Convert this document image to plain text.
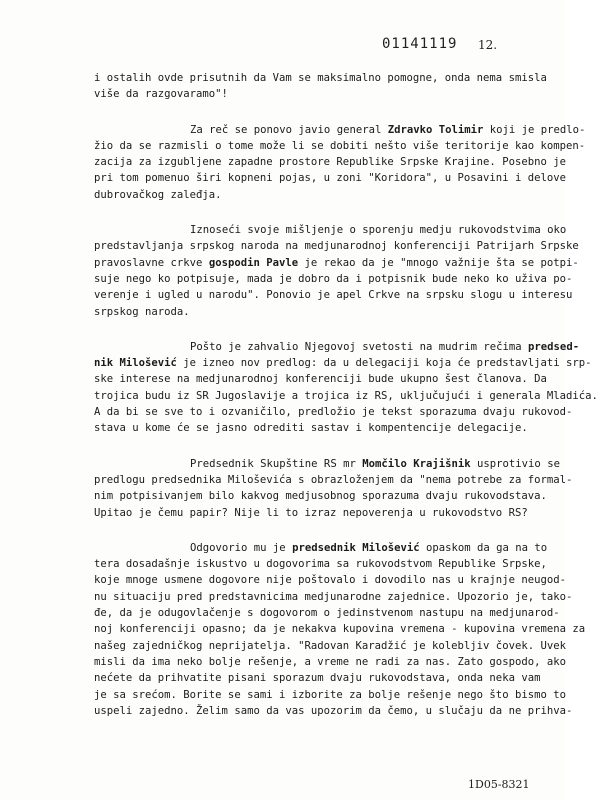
01141119 12.
i ostalih ovde prisutnih da Vam se maksimalno pomogne, onda nema smisla
više da razgovaramo"!
Za reč se ponovo javio general Zdravko Tolimir koji je predlo-
žio da se razmisli o tome može li se dobiti nešto više teritorije kao kompen-
zacija za izgubljene zapadne prostore Republike Srpske Krajine. Posebno je
pri tom pomenuo širi kopneni pojas, u zoni "Koridora", u Posavini i delove
dubrovačkog zaleđja.
Iznoseći svoje mišljenje o sporenju medju rukovodstvima oko
predstavljanja srpskog naroda na medjunarodnoj konferenciji Patrijarh Srpske
pravoslavne crkve gospodin Pavle je rekao da je "mnogo važnije šta se potpi-
suje nego ko potpisuje, mada je dobro da i potpisnik bude neko ko uživa po-
verenje i ugled u narodu". Ponovio je apel Crkve na srpsku slogu u interesu
srpskog naroda.
Pošto je zahvalio Njegovoj svetosti na mudrim rečima predsed-
nik Milošević je izneo nov predlog: da u delegaciji koja će predstavljati srp-
ske interese na medjunarodnoj konferenciji bude ukupno šest članova. Da
trojica budu iz SR Jugoslavije a trojica iz RS, uključujući i generala Mladića.
A da bi se sve to i ozvaničilo, predložio je tekst sporazuma dvaju rukovod-
stava u kome će se jasno odrediti sastav i kompentencije delegacije.
Predsednik Skupštine RS mr Momčilo Krajišnik usprotivio se
predlogu predsednika Miloševića s obrazloženjem da "nema potrebe za formal-
nim potpisivanjem bilo kakvog medjusobnog sporazuma dvaju rukovodstava.
Upitao je čemu papir? Nije li to izraz nepoverenja u rukovodstvo RS?
Odgovorio mu je predsednik Milošević opaskom da ga na to
tera dosadašnje iskustvo u dogovorima sa rukovodstvom Republike Srpske,
koje mnoge usmene dogovore nije poštovalo i dovodilo nas u krajnje neugod-
nu situaciju pred predstavnicima medjunarodne zajednice. Upozorio je, tako-
đe, da je odugovlačenje s dogovorom o jedinstvenom nastupu na medjunarod-
noj konferenciji opasno; da je nekakva kupovina vremena - kupovina vremena za
našeg zajedničkog neprijatelja. "Radovan Karadžić je kolebljiv čovek. Uvek
misli da ima neko bolje rešenje, a vreme ne radi za nas. Zato gospodo, ako
nećete da prihvatite pisani sporazum dvaju rukovodstava, onda neka vam
je sa srećom. Borite se sami i izborite za bolje rešenje nego što bismo to
uspeli zajedno. Želim samo da vas upozorim da čemo, u slučaju da ne prihva-
1D05-8321
